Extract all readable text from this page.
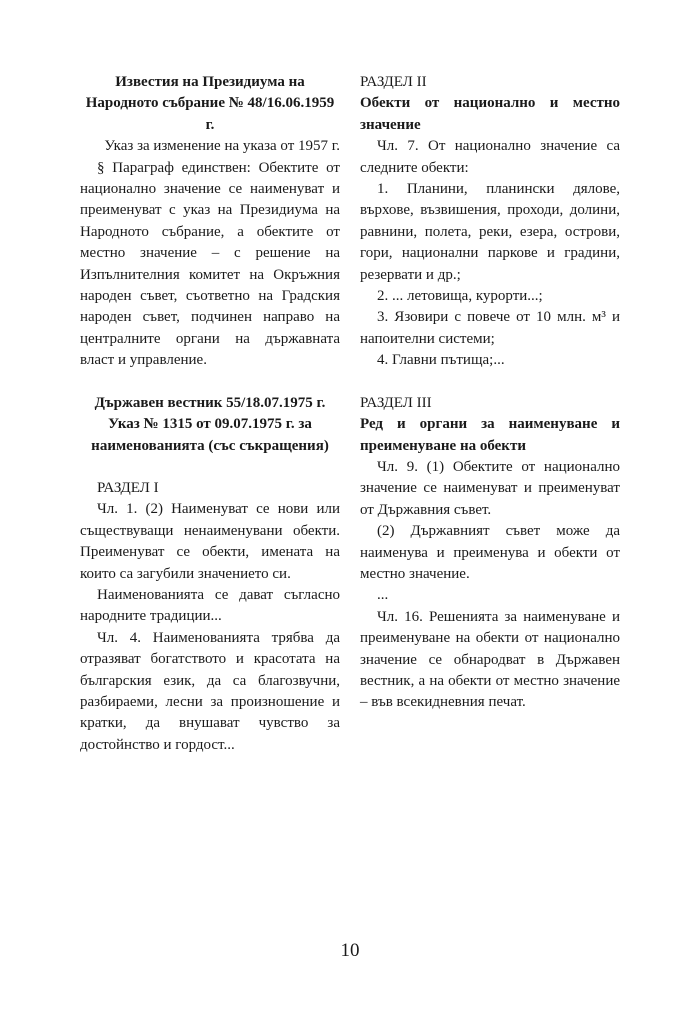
Известия на Президиума на Народното събрание № 48/16.06.1959 г.

Указ за изменение на указа от 1957 г.

§ Параграф единствен: Обектите от национално значение се наименуват и преименуват с указ на Президиума на Народното събрание, а обектите от местно значение – с решение на Изпълнителния комитет на Окръжния народен съвет, съответно на Градския народен съвет, подчинен направо на централните органи на държавната власт и управление.

Държавен вестник 55/18.07.1975 г. Указ № 1315 от 09.07.1975 г. за наименованията (със съкращения)

РАЗДЕЛ I

Чл. 1. (2) Наименуват се нови или съществуващи ненаименувани обекти. Преименуват се обекти, имената на които са загубили значението си.

Наименованията се дават съгласно народните традиции...

Чл. 4. Наименованията трябва да отразяват богатството и красотата на българския език, да са благозвучни, разбираеми, лесни за произношение и кратки, да внушават чувство за достойнство и гордост...

РАЗДЕЛ II

Обекти от национално и местно значение

Чл. 7. От национално значение са следните обекти:

1. Планини, планински дялове, върхове, възвишения, проходи, долини, равнини, полета, реки, езера, острови, гори, национални паркове и градини, резервати и др.;

2. ... летовища, курорти...;

3. Язовири с повече от 10 млн. м³ и напоителни системи;

4. Главни пътища;...

РАЗДЕЛ III

Ред и органи за наименуване и преименуване на обекти

Чл. 9. (1) Обектите от национално значение се наименуват и преименуват от Държавния съвет.

(2) Държавният съвет може да наименува и преименува и обекти от местно значение.

...

Чл. 16. Решенията за наименуване и преименуване на обекти от национално значение се обнародват в Държавен вестник, а на обекти от местно значение – във всекидневния печат.

10
